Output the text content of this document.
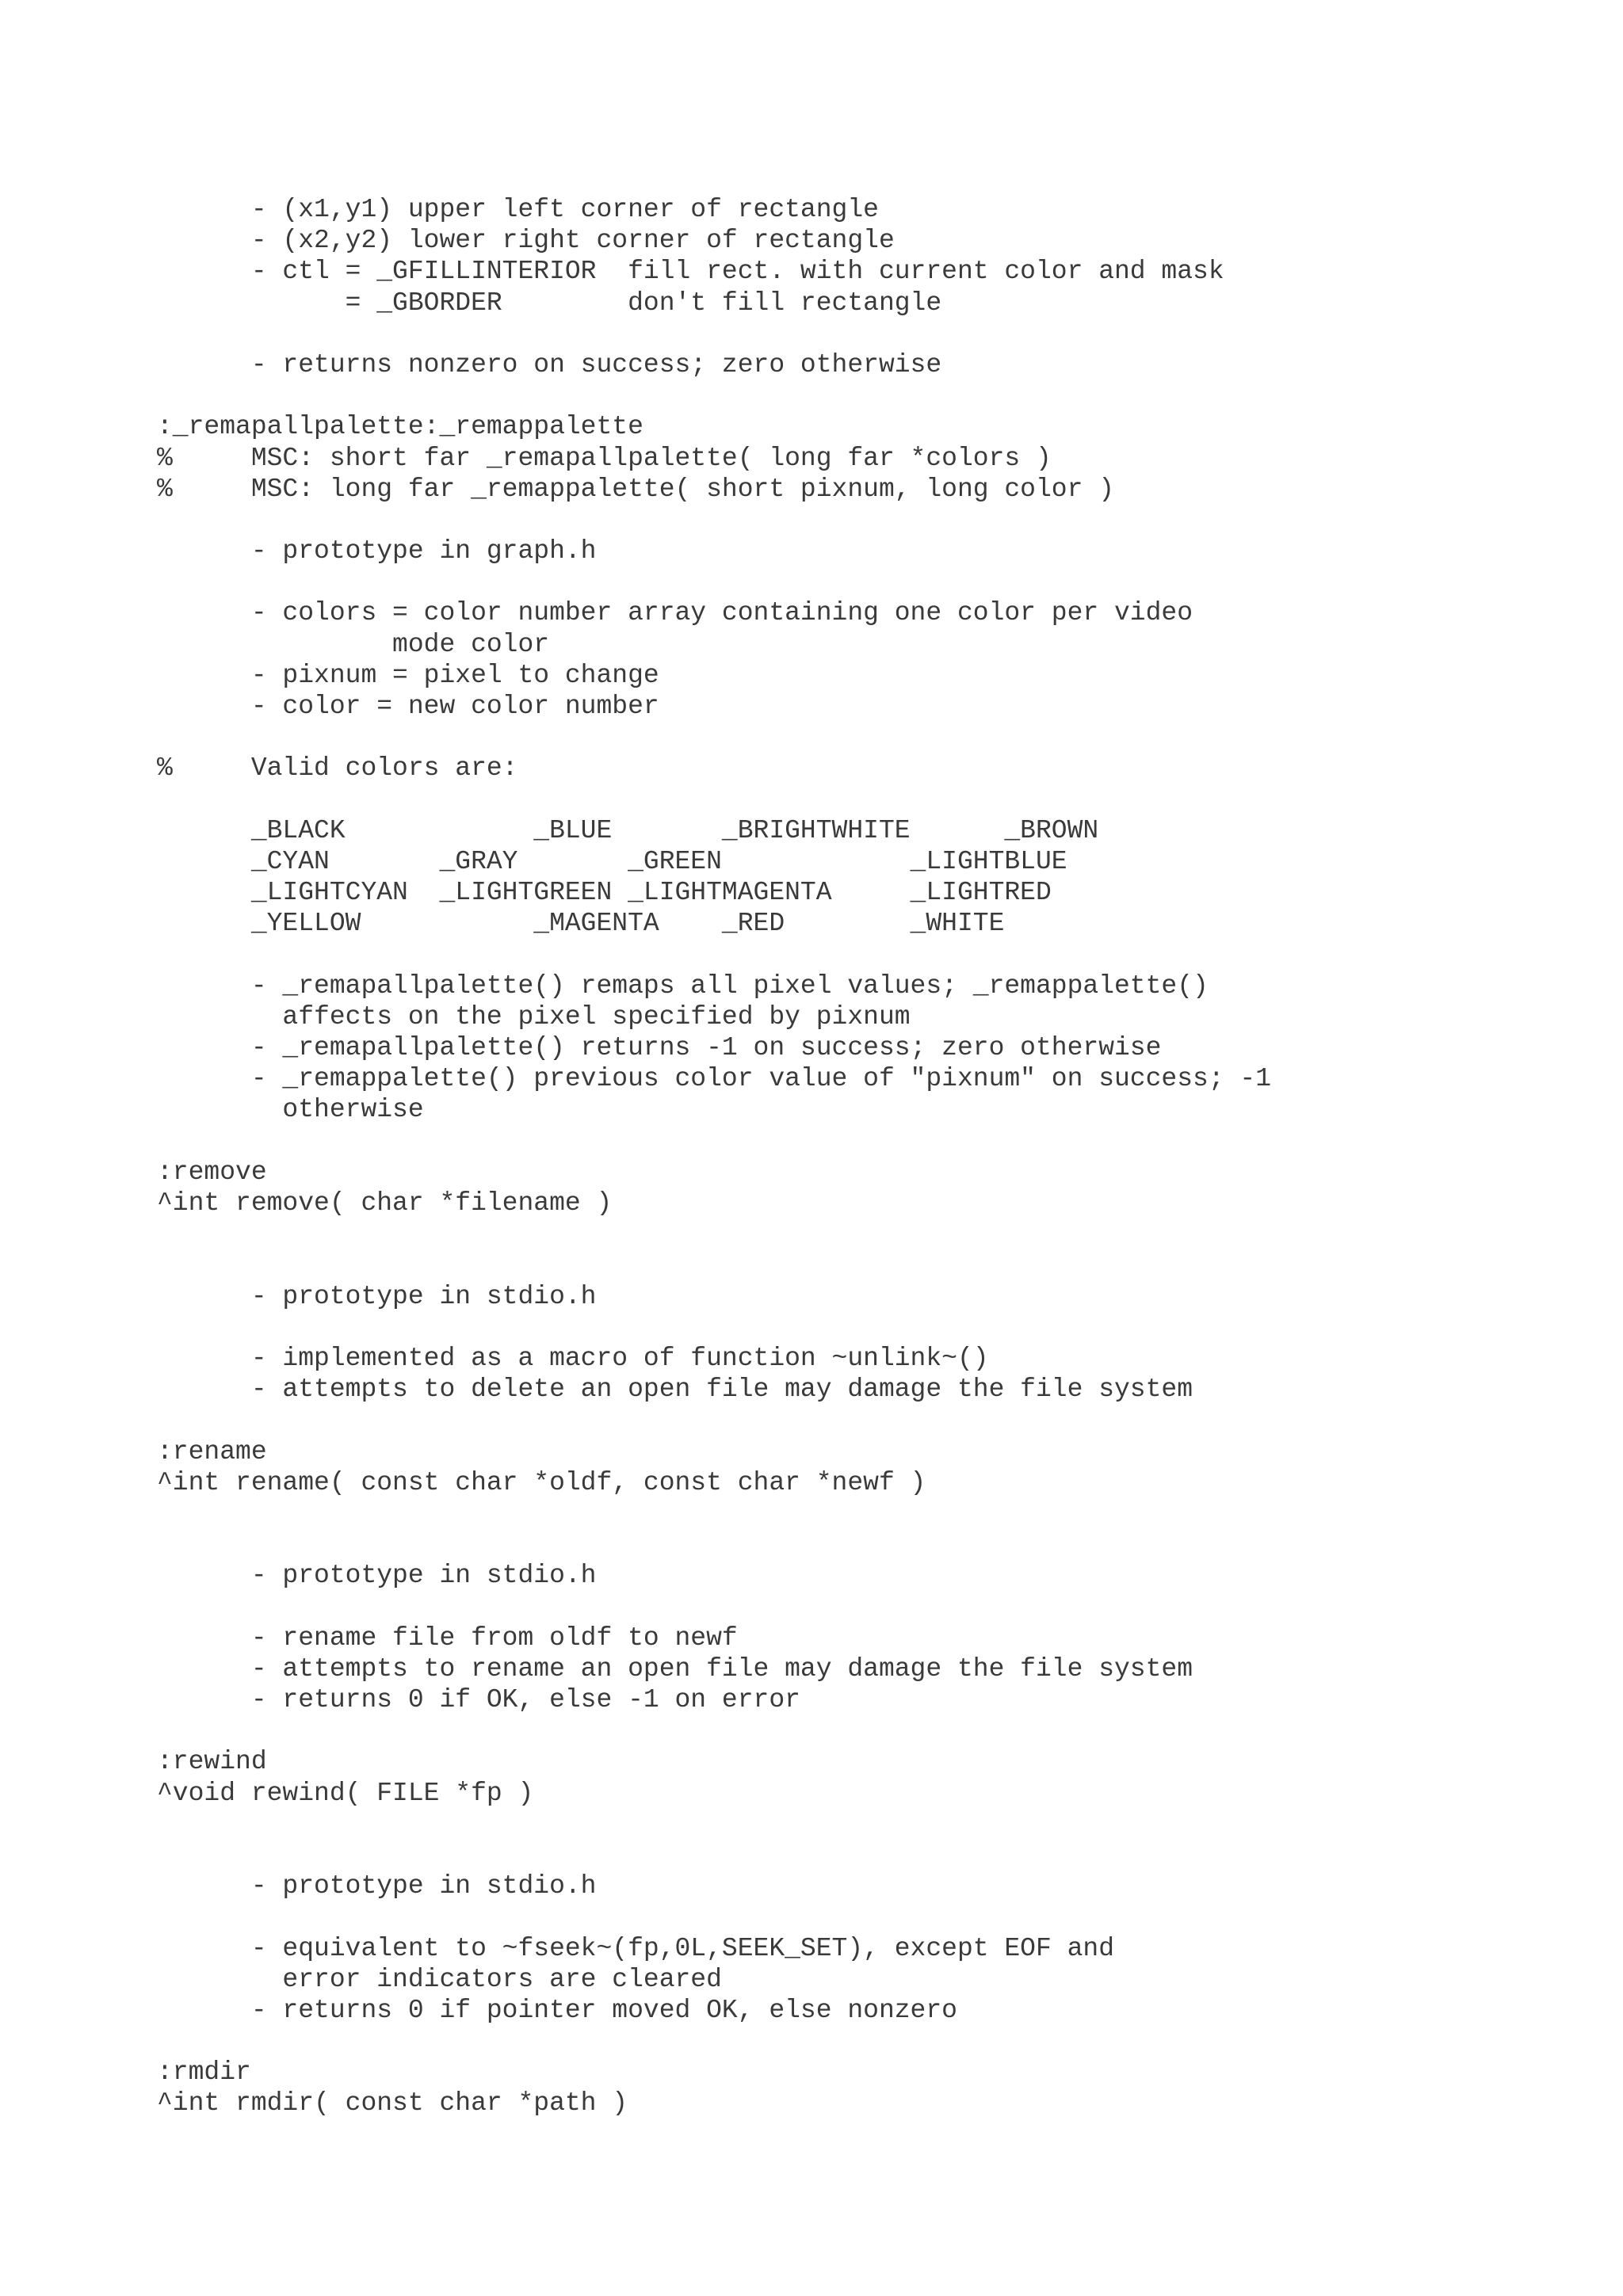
- (x1,y1) upper left corner of rectangle
- (x2,y2) lower right corner of rectangle
- ctl = _GFILLINTERIOR  fill rect. with current color and mask
= _GBORDER        don't fill rectangle
- returns nonzero on success; zero otherwise
:_remapallpalette:_remappalette
%     MSC: short far _remapallpalette( long far *colors )
%     MSC: long far _remappalette( short pixnum, long color )
- prototype in graph.h
- colors = color number array containing one color per video
mode color
- pixnum = pixel to change
- color = new color number
%     Valid colors are:
_BLACK            _BLUE       _BRIGHTWHITE      _BROWN
_CYAN       _GRAY       _GREEN            _LIGHTBLUE
_LIGHTCYAN  _LIGHTGREEN _LIGHTMAGENTA     _LIGHTRED
_YELLOW           _MAGENTA    _RED        _WHITE
- _remapallpalette() remaps all pixel values; _remappalette()
affects on the pixel specified by pixnum
- _remapallpalette() returns -1 on success; zero otherwise
- _remappalette() previous color value of "pixnum" on success; -1
otherwise
:remove
^int remove( char *filename )
- prototype in stdio.h
- implemented as a macro of function ~unlink~()
- attempts to delete an open file may damage the file system
:rename
^int rename( const char *oldf, const char *newf )
- prototype in stdio.h
- rename file from oldf to newf
- attempts to rename an open file may damage the file system
- returns 0 if OK, else -1 on error
:rewind
^void rewind( FILE *fp )
- prototype in stdio.h
- equivalent to ~fseek~(fp,0L,SEEK_SET), except EOF and
error indicators are cleared
- returns 0 if pointer moved OK, else nonzero
:rmdir
^int rmdir( const char *path )
